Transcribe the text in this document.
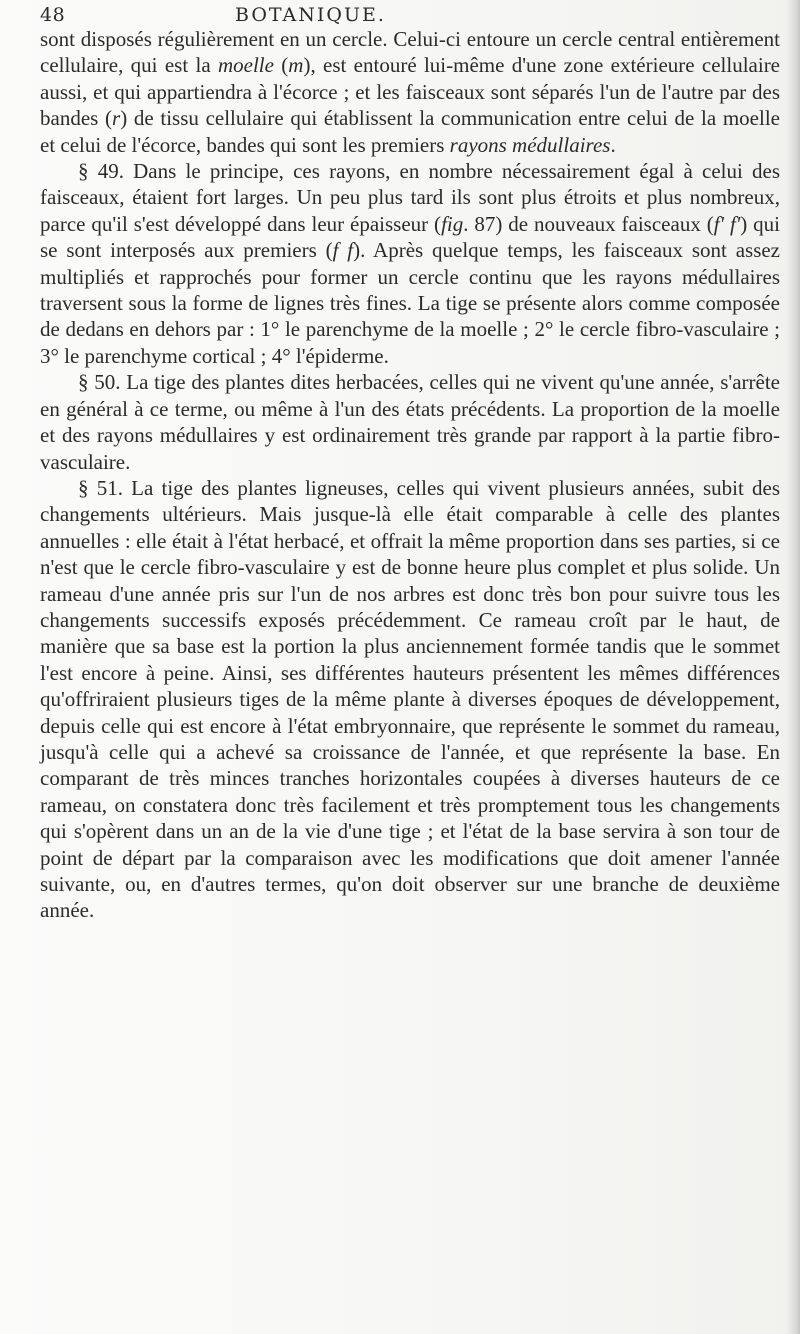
48	BOTANIQUE.

sont disposés régulièrement en un cercle. Celui-ci entoure un cercle central entièrement cellulaire, qui est la moelle (m), est entouré lui-même d'une zone extérieure cellulaire aussi, et qui appartiendra à l'écorce ; et les faisceaux sont séparés l'un de l'autre par des bandes (r) de tissu cellulaire qui établissent la communication entre celui de la moelle et celui de l'écorce, bandes qui sont les premiers rayons médullaires.

§ 49. Dans le principe, ces rayons, en nombre nécessairement égal à celui des faisceaux, étaient fort larges. Un peu plus tard ils sont plus étroits et plus nombreux, parce qu'il s'est développé dans leur épaisseur (fig. 87) de nouveaux faisceaux (f' f') qui se sont interposés aux premiers (f f). Après quelque temps, les faisceaux sont assez multipliés et rapprochés pour former un cercle continu que les rayons médullaires traversent sous la forme de lignes très fines. La tige se présente alors comme composée de dedans en dehors par : 1° le parenchyme de la moelle ; 2° le cercle fibro-vasculaire ; 3° le parenchyme cortical ; 4° l'épiderme.

§ 50. La tige des plantes dites herbacées, celles qui ne vivent qu'une année, s'arrête en général à ce terme, ou même à l'un des états précédents. La proportion de la moelle et des rayons médullaires y est ordinairement très grande par rapport à la partie fibro-vasculaire.

§ 51. La tige des plantes ligneuses, celles qui vivent plusieurs années, subit des changements ultérieurs. Mais jusque-là elle était comparable à celle des plantes annuelles : elle était à l'état herbacé, et offrait la même proportion dans ses parties, si ce n'est que le cercle fibro-vasculaire y est de bonne heure plus complet et plus solide. Un rameau d'une année pris sur l'un de nos arbres est donc très bon pour suivre tous les changements successifs exposés précédemment. Ce rameau croît par le haut, de manière que sa base est la portion la plus anciennement formée tandis que le sommet l'est encore à peine. Ainsi, ses différentes hauteurs présentent les mêmes différences qu'offriraient plusieurs tiges de la même plante à diverses époques de développement, depuis celle qui est encore à l'état embryonnaire, que représente le sommet du rameau, jusqu'à celle qui a achevé sa croissance de l'année, et que représente la base. En comparant de très minces tranches horizontales coupées à diverses hauteurs de ce rameau, on constatera donc très facilement et très promptement tous les changements qui s'opèrent dans un an de la vie d'une tige ; et l'état de la base servira à son tour de point de départ par la comparaison avec les modifications que doit amener l'année suivante, ou, en d'autres termes, qu'on doit observer sur une branche de deuxième année.
